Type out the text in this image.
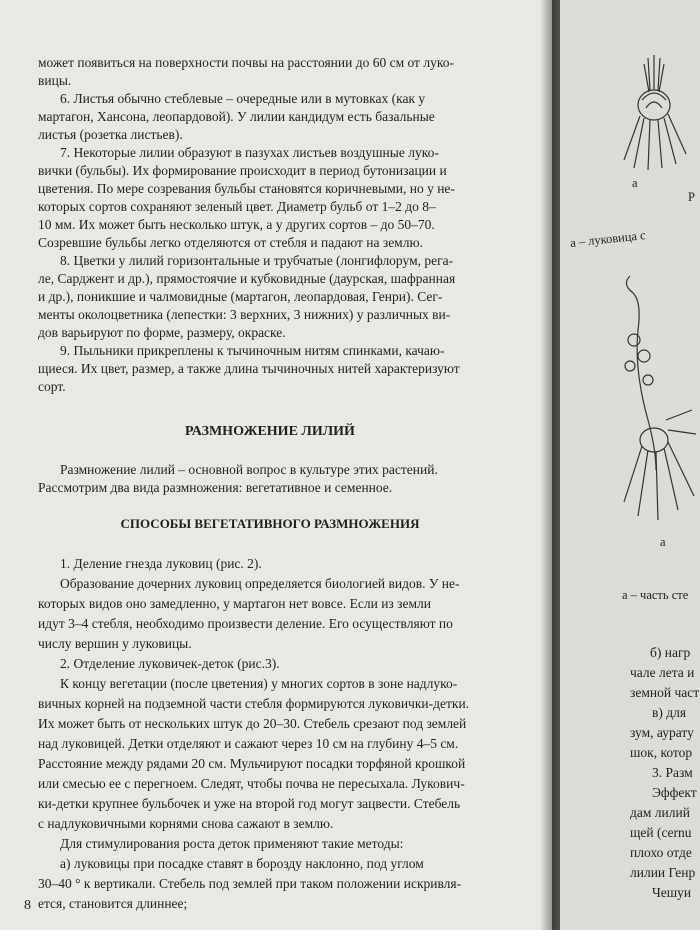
может появиться на поверхности почвы на расстоянии до 60 см от луко-
вицы.
6. Листья обычно стеблевые – очередные или в мутовках (как у
мартагон, Хансона, леопардовой). У лилии кандидум есть базальные
листья (розетка листьев).
7. Некоторые лилии образуют в пазухах листьев воздушные луко-
вички (бульбы). Их формирование происходит в период бутонизации и
цветения. По мере созревания бульбы становятся коричневыми, но у не-
которых сортов сохраняют зеленый цвет. Диаметр бульб от 1–2 до 8–
10 мм. Их может быть несколько штук, а у других сортов – до 50–70.
Созревшие бульбы легко отделяются от стебля и падают на землю.
8. Цветки у лилий горизонтальные и трубчатые (лонгифлорум, рега-
ле, Сарджент и др.), прямостоячие и кубковидные (даурская, шафранная
и др.), поникшие и чалмовидные (мартагон, леопардовая, Генри). Сег-
менты околоцветника (лепестки: 3 верхних, 3 нижних) у различных ви-
дов варьируют по форме, размеру, окраске.
9. Пыльники прикреплены к тычиночным нитям спинками, качаю-
щиеся. Их цвет, размер, а также длина тычиночных нитей характеризуют
сорт.
РАЗМНОЖЕНИЕ ЛИЛИЙ
Размножение лилий – основной вопрос в культуре этих растений.
Рассмотрим два вида размножения: вегетативное и семенное.
СПОСОБЫ ВЕГЕТАТИВНОГО РАЗМНОЖЕНИЯ
1. Деление гнезда луковиц (рис. 2).
Образование дочерних луковиц определяется биологией видов. У не-
которых видов оно замедленно, у мартагон нет вовсе. Если из земли
идут 3–4 стебля, необходимо произвести деление. Его осуществляют по
числу вершин у луковицы.
2. Отделение луковичек-деток (рис.3).
К концу вегетации (после цветения) у многих сортов в зоне надлуко-
вичных корней на подземной части стебля формируются луковички-детки.
Их может быть от нескольких штук до 20–30. Стебель срезают под землей
над луковицей. Детки отделяют и сажают через 10 см на глубину 4–5 см.
Расстояние между рядами 20 см. Мульчируют посадки торфяной крошкой
или смесью ее с перегноем. Следят, чтобы почва не пересыхала. Лукович-
ки-детки крупнее бульбочек и уже на второй год могут зацвести. Стебель
с надлуковичными корнями снова сажают в землю.
Для стимулирования роста деток применяют такие методы:
а) луковицы при посадке ставят в борозду наклонно, под углом
30–40 ° к вертикали. Стебель под землей при таком положении искривля-
ется, становится длиннее;
8
а
Р
а – луковица с
а
а – часть сте
б) нагр
чале лета и
земной част
в) для
зум, аурату
шок, котор
3. Разм
Эффект
дам лилий
щей (cernu
плохо отде
лилии Генр
Чешуи
